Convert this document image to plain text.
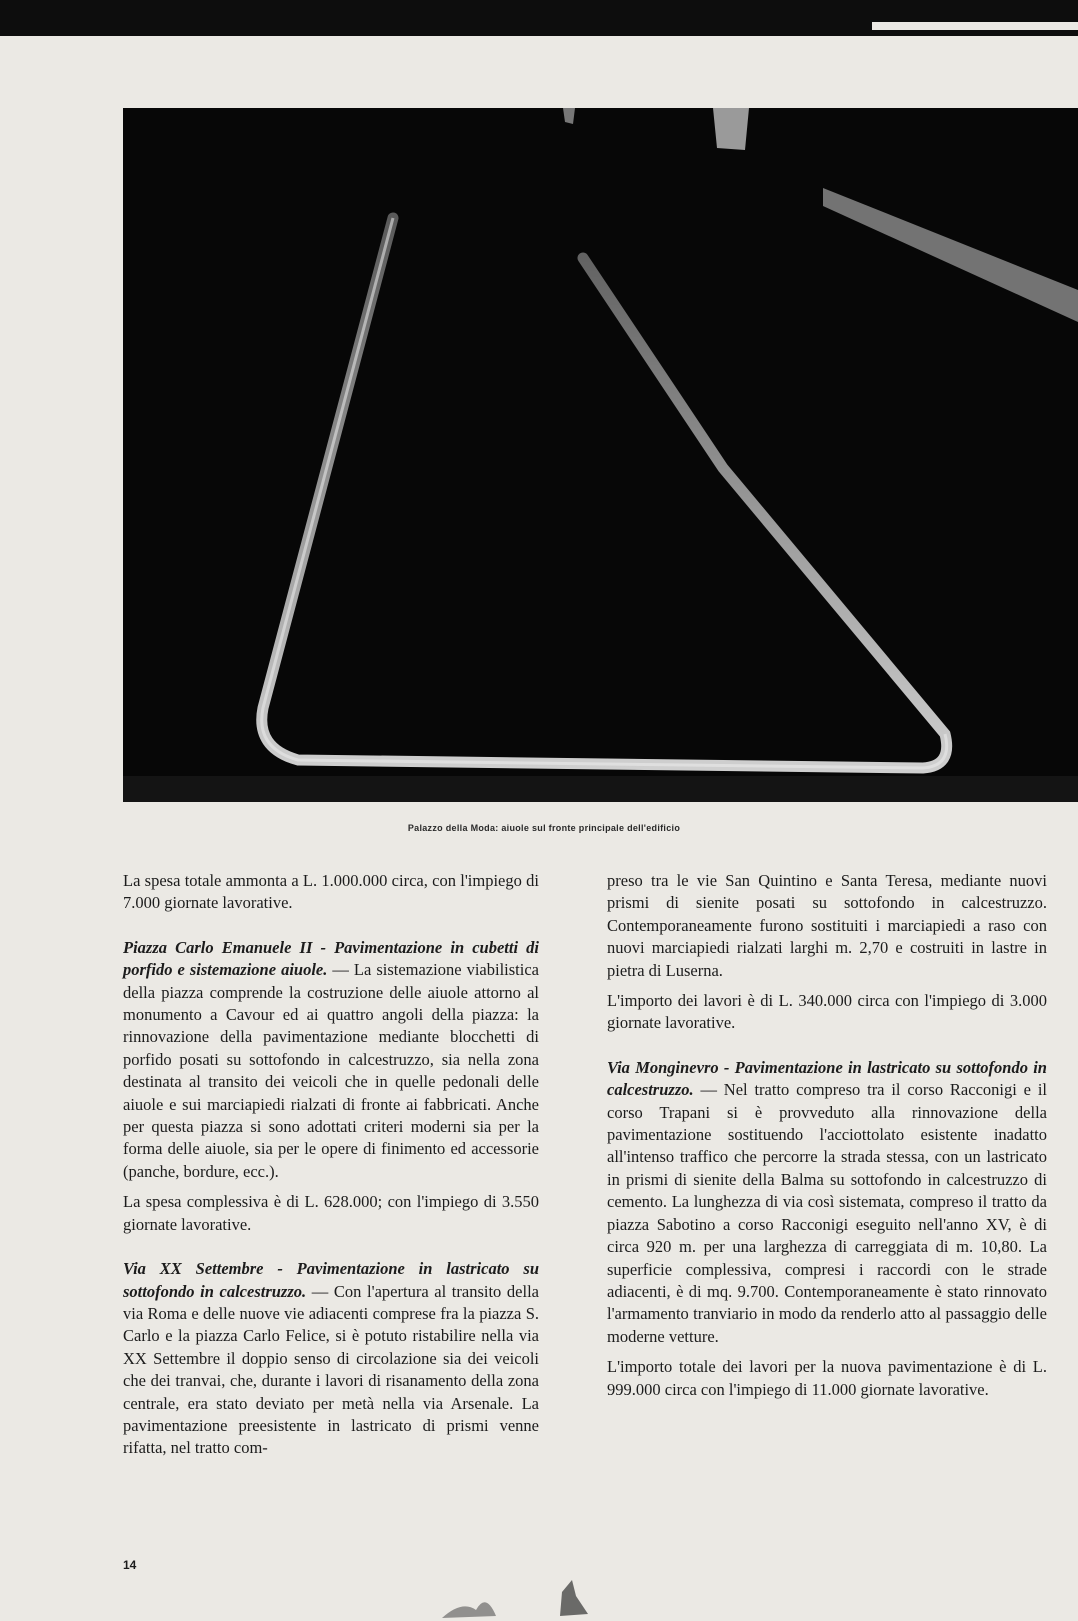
Palazzo della Moda: aiuole sul fronte principale dell'edificio

La spesa totale ammonta a L. 1.000.000 circa, con l'impiego di 7.000 giornate lavorative.

Piazza Carlo Emanuele II - Pavimentazione in cubetti di porfido e sistemazione aiuole. — La sistemazione viabilistica della piazza comprende la costruzione delle aiuole attorno al monumento a Cavour ed ai quattro angoli della piazza: la rinnovazione della pavimentazione mediante blocchetti di porfido posati su sottofondo in calcestruzzo, sia nella zona destinata al transito dei veicoli che in quelle pedonali delle aiuole e sui marciapiedi rialzati di fronte ai fabbricati. Anche per questa piazza si sono adottati criteri moderni sia per la forma delle aiuole, sia per le opere di finimento ed accessorie (panche, bordure, ecc.).

La spesa complessiva è di L. 628.000; con l'impiego di 3.550 giornate lavorative.

Via XX Settembre - Pavimentazione in lastricato su sottofondo in calcestruzzo. — Con l'apertura al transito della via Roma e delle nuove vie adiacenti comprese fra la piazza S. Carlo e la piazza Carlo Felice, si è potuto ristabilire nella via XX Settembre il doppio senso di circolazione sia dei veicoli che dei tranvai, che, durante i lavori di risanamento della zona centrale, era stato deviato per metà nella via Arsenale. La pavimentazione preesistente in lastricato di prismi venne rifatta, nel tratto com-

preso tra le vie San Quintino e Santa Teresa, mediante nuovi prismi di sienite posati su sottofondo in calcestruzzo. Contemporaneamente furono sostituiti i marciapiedi a raso con nuovi marciapiedi rialzati larghi m. 2,70 e costruiti in lastre in pietra di Luserna.

L'importo dei lavori è di L. 340.000 circa con l'impiego di 3.000 giornate lavorative.

Via Monginevro - Pavimentazione in lastricato su sottofondo in calcestruzzo. — Nel tratto compreso tra il corso Racconigi e il corso Trapani si è provveduto alla rinnovazione della pavimentazione sostituendo l'acciottolato esistente inadatto all'intenso traffico che percorre la strada stessa, con un lastricato in prismi di sienite della Balma su sottofondo in calcestruzzo di cemento. La lunghezza di via così sistemata, compreso il tratto da piazza Sabotino a corso Racconigi eseguito nell'anno XV, è di circa 920 m. per una larghezza di carreggiata di m. 10,80. La superficie complessiva, compresi i raccordi con le strade adiacenti, è di mq. 9.700. Contemporaneamente è stato rinnovato l'armamento tranviario in modo da renderlo atto al passaggio delle moderne vetture.

L'importo totale dei lavori per la nuova pavimentazione è di L. 999.000 circa con l'impiego di 11.000 giornate lavorative.

14
